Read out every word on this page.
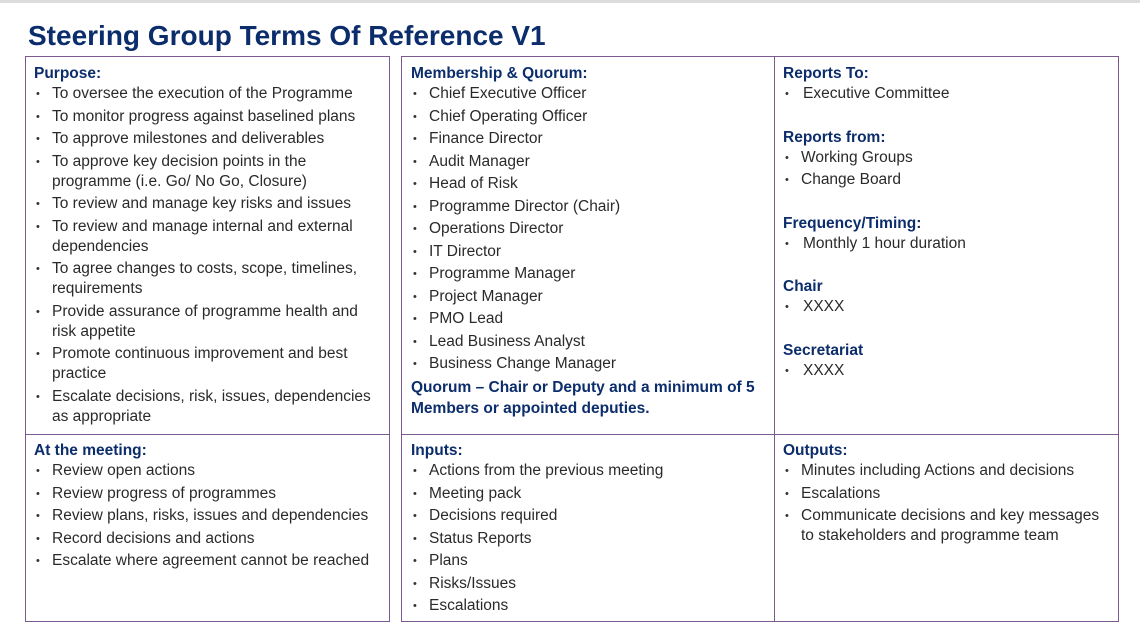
Steering Group Terms Of Reference V1
Purpose:
• To oversee the execution of the Programme
• To monitor progress against baselined plans
• To approve milestones and deliverables
• To approve key decision points in the programme (i.e. Go/ No Go, Closure)
• To review and manage key risks and issues
• To review and manage internal and external dependencies
• To agree changes to costs, scope, timelines, requirements
• Provide assurance of programme health and risk appetite
• Promote continuous improvement and best practice
• Escalate decisions, risk, issues, dependencies as appropriate
At the meeting:
• Review open actions
• Review progress of programmes
• Review plans, risks, issues and dependencies
• Record decisions and actions
• Escalate where agreement cannot be reached
Membership & Quorum:
• Chief Executive Officer
• Chief Operating Officer
• Finance Director
• Audit Manager
• Head of Risk
• Programme Director (Chair)
• Operations Director
• IT Director
• Programme Manager
• Project Manager
• PMO Lead
• Lead Business Analyst
• Business Change Manager
Quorum – Chair or Deputy and a minimum of 5 Members or appointed deputies.
Inputs:
• Actions from the previous meeting
• Meeting pack
• Decisions required
• Status Reports
• Plans
• Risks/Issues
• Escalations
Reports To:
• Executive Committee
Reports from:
• Working Groups
• Change Board
Frequency/Timing:
• Monthly 1 hour duration
Chair
• XXXX
Secretariat
• XXXX
Outputs:
• Minutes including Actions and decisions
• Escalations
• Communicate decisions and key messages to stakeholders and programme team
